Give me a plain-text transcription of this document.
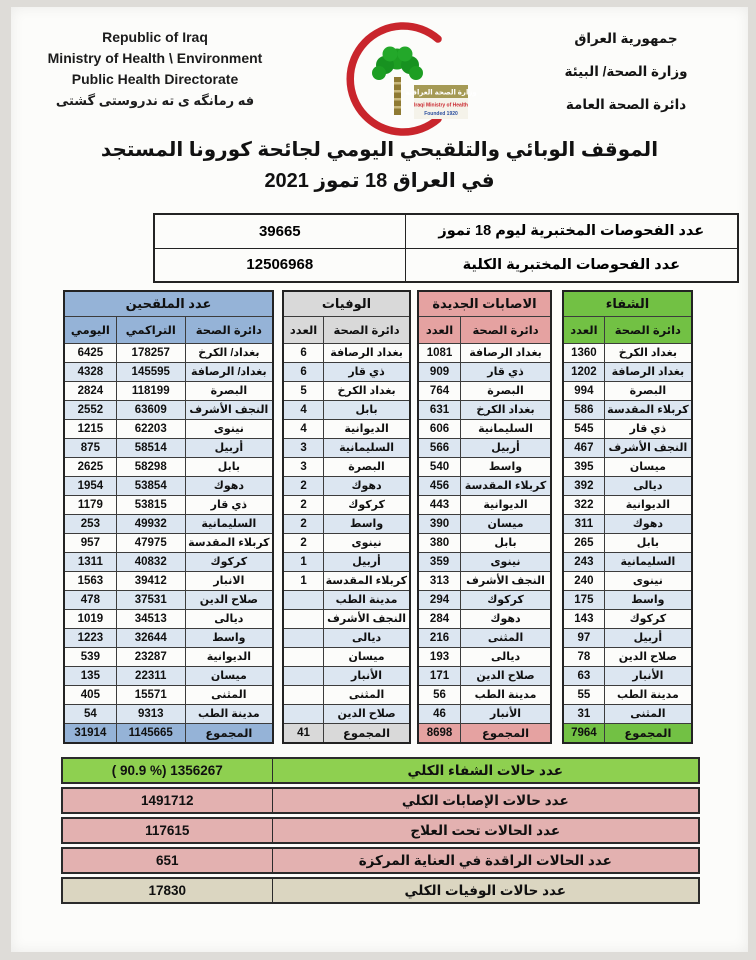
Republic of Iraq
Ministry of Health \ Environment
Public Health Directorate
فه رمانگه ى ته ندروستى گشتى	وزارة الصحة العراقية
Iraqi Ministry of Health
Founded 1920
جمهورية العراق
وزارة الصحة/ البيئة
دائرة الصحة العامة
الموقف الوبائي والتلقيحي اليومي لجائحة كورونا المستجد
في العراق 18 تموز 2021
39665	عدد الفحوصات المختبرية ليوم 18 تموز
12506968	عدد الفحوصات المختبرية الكلية
عدد الملقحين		
اليومي	التراكمي	دائرة الصحة
6425	178257	بغداد/ الكرخ
4328	145595	بغداد/ الرصافة
2824	118199	البصرة
2552	63609	النجف الأشرف
1215	62203	نينوى
875	58514	أربيل
2625	58298	بابل
1954	53854	دهوك
1179	53815	ذي قار
253	49932	السليمانية
957	47975	كربلاء المقدسة
1311	40832	كركوك
1563	39412	الانبار
478	37531	صلاح الدين
1019	34513	ديالى
1223	32644	واسط
539	23287	الديوانية
135	22311	ميسان
405	15571	المثنى
54	9313	مدينة الطب
31914	1145665	المجموع
الوفيات	
العدد	دائرة الصحة
6	بغداد الرصافة
6	ذي قار
5	بغداد الكرخ
4	بابل
4	الديوانية
3	السليمانية
3	البصرة
2	دهوك
2	كركوك
2	واسط
2	نينوى
1	أربيل
1	كربلاء المقدسة
	مدينة الطب
	النجف الأشرف
	ديالى
	ميسان
	الأنبار
	المثنى
	صلاح الدين
41	المجموع
الاصابات الجديدة	
العدد	دائرة الصحة
1081	بغداد الرصافة
909	ذي قار
764	البصرة
631	بغداد الكرخ
606	السليمانية
566	أربيل
540	واسط
456	كربلاء المقدسة
443	الديوانية
390	ميسان
380	بابل
359	نينوى
313	النجف الأشرف
294	كركوك
284	دهوك
216	المثنى
193	ديالى
171	صلاح الدين
56	مدينة الطب
46	الأنبار
8698	المجموع
الشفاء	
العدد	دائرة الصحة
1360	بغداد الكرخ
1202	بغداد الرصافة
994	البصرة
586	كربلاء المقدسة
545	ذي قار
467	النجف الأشرف
395	ميسان
392	ديالى
322	الديوانية
311	دهوك
265	بابل
243	السليمانية
240	نينوى
175	واسط
143	كركوك
97	أربيل
78	صلاح الدين
63	الأنبار
55	مدينة الطب
31	المثنى
7964	المجموع
( 90.9 %) 1356267	عدد حالات الشفاء الكلي
1491712	عدد حالات الإصابات الكلي
117615	عدد الحالات تحت العلاج
651	عدد الحالات الراقدة في العناية المركزة
17830	عدد حالات الوفيات الكلي
